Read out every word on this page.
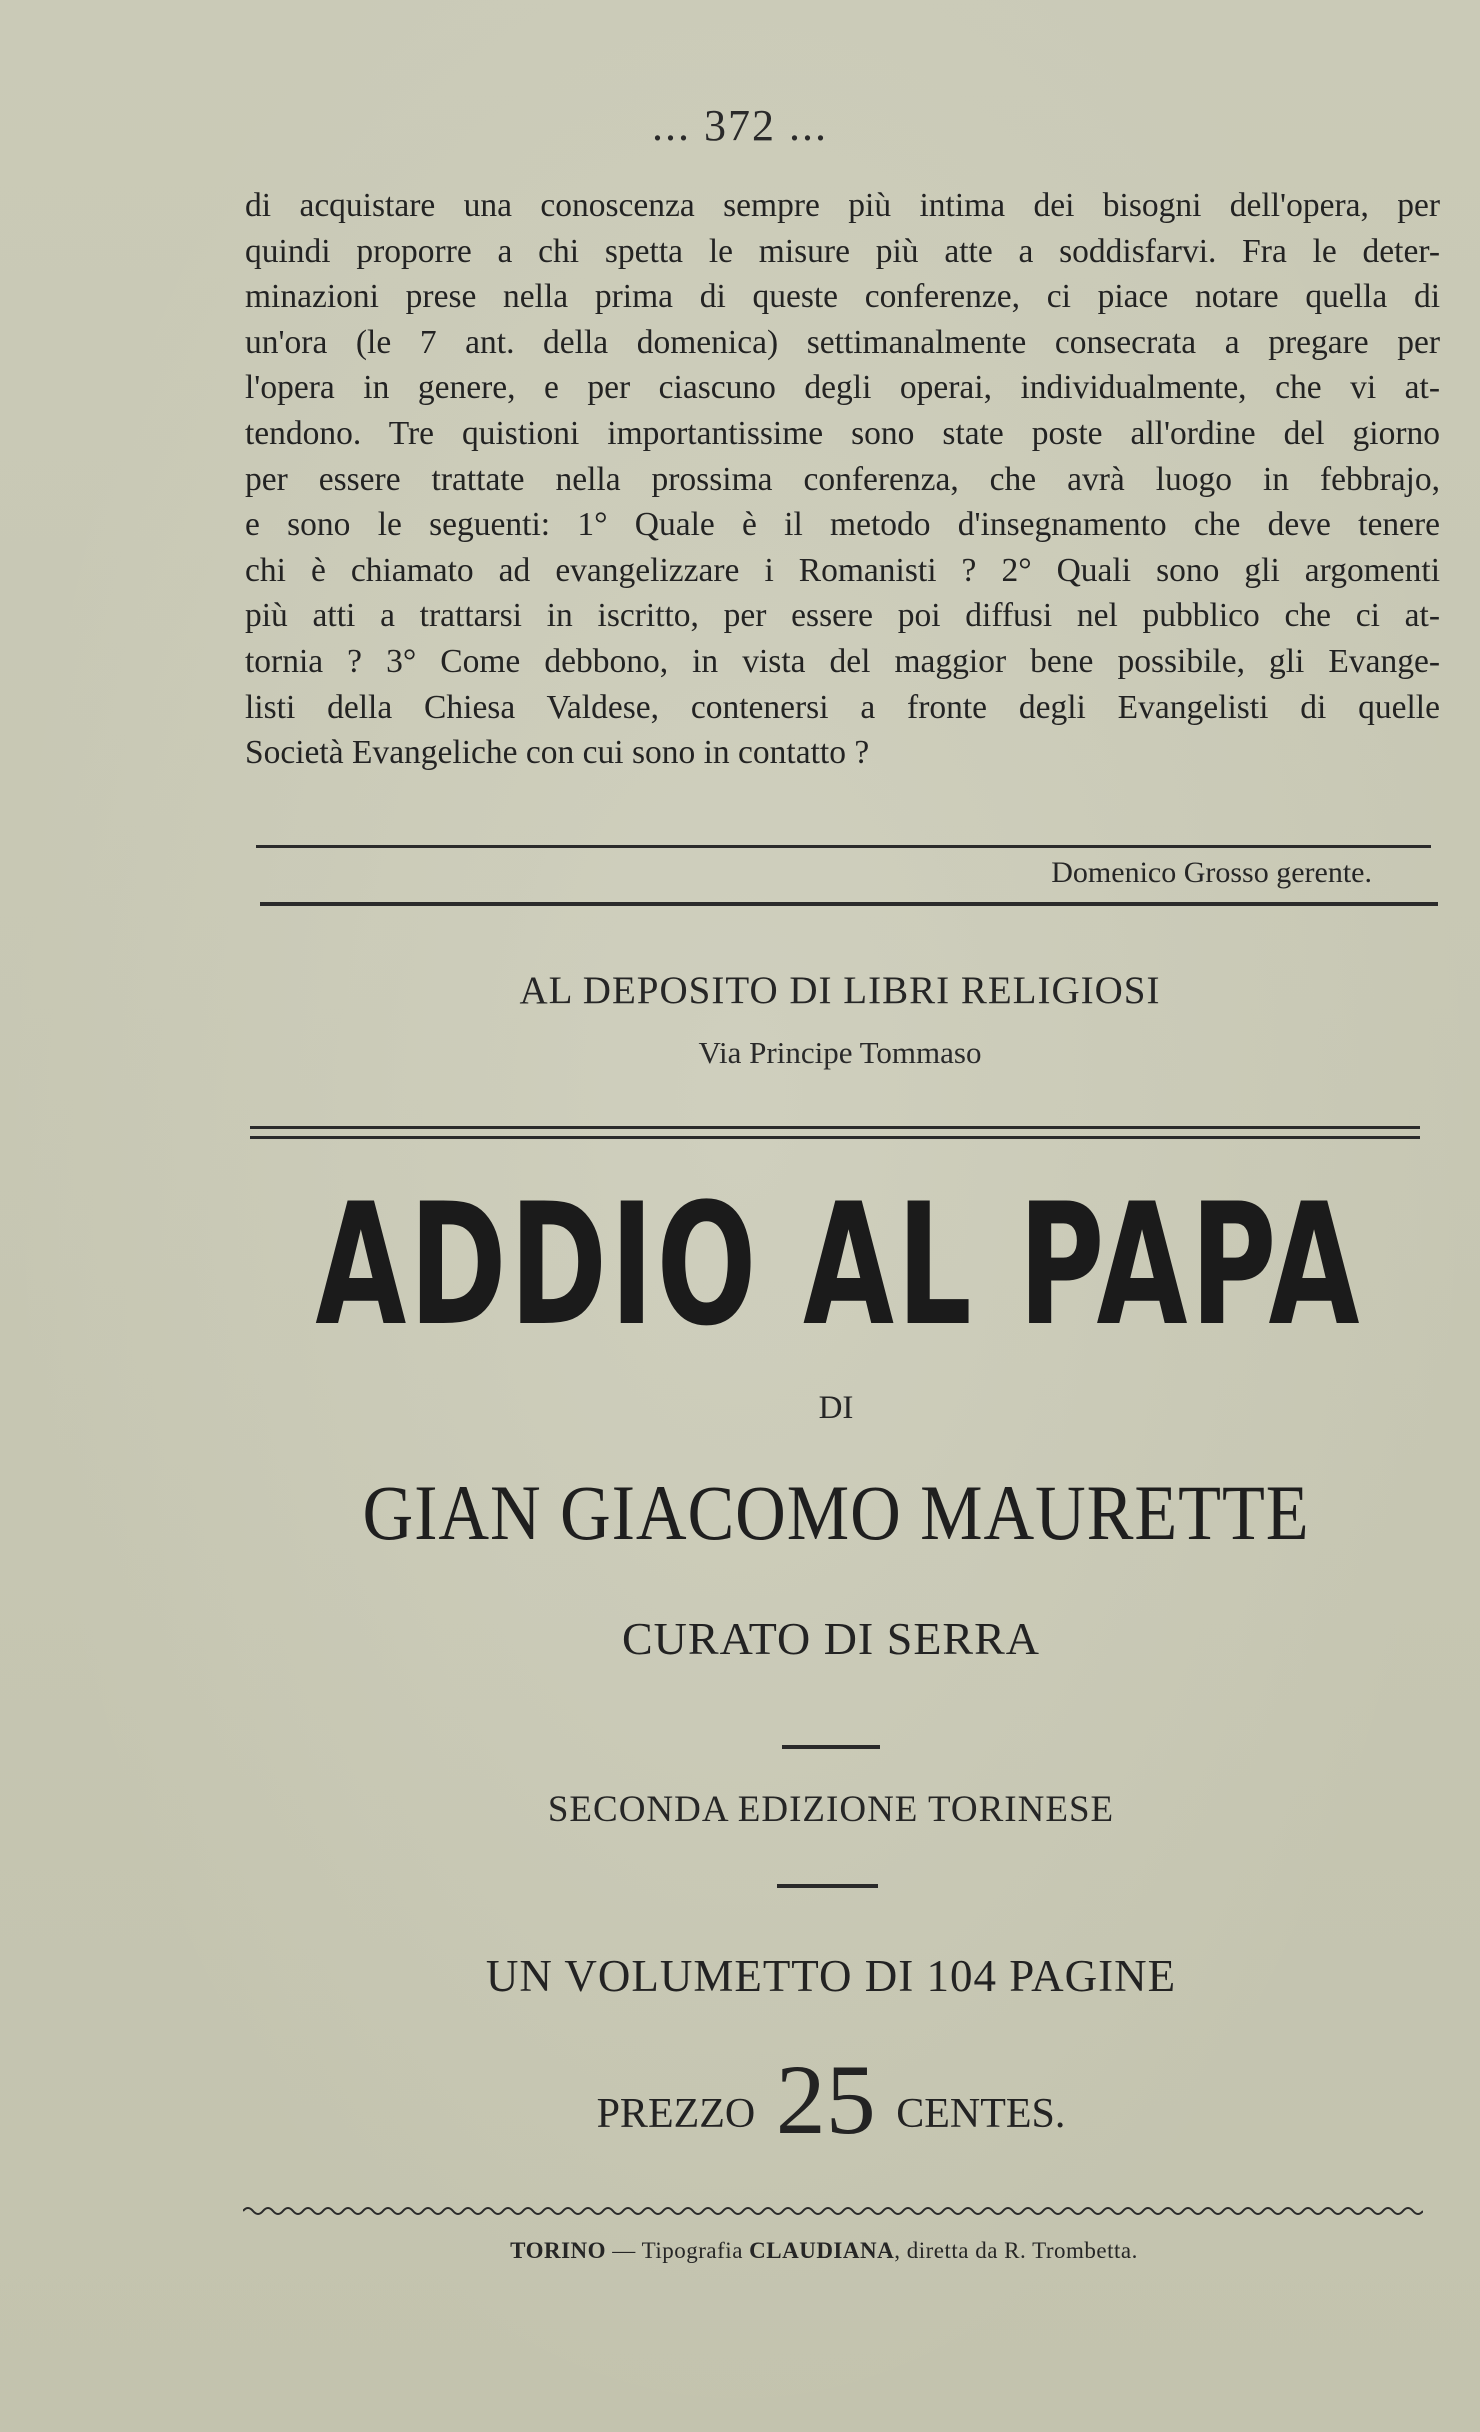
... 372 ...
di acquistare una conoscenza sempre più intima dei bisogni dell'opera, per
quindi proporre a chi spetta le misure più atte a soddisfarvi. Fra le deter-
minazioni prese nella prima di queste conferenze, ci piace notare quella di
un'ora (le 7 ant. della domenica) settimanalmente consecrata a pregare per
l'opera in genere, e per ciascuno degli operai, individualmente, che vi at-
tendono. Tre quistioni importantissime sono state poste all'ordine del giorno
per essere trattate nella prossima conferenza, che avrà luogo in febbrajo,
e sono le seguenti: 1° Quale è il metodo d'insegnamento che deve tenere
chi è chiamato ad evangelizzare i Romanisti ? 2° Quali sono gli argomenti
più atti a trattarsi in iscritto, per essere poi diffusi nel pubblico che ci at-
tornia ? 3° Come debbono, in vista del maggior bene possibile, gli Evange-
listi della Chiesa Valdese, contenersi a fronte degli Evangelisti di quelle
Società Evangeliche con cui sono in contatto ?
Domenico Grosso gerente.
AL DEPOSITO DI LIBRI RELIGIOSI
Via Principe Tommaso
ADDIO AL PAPA
DI
GIAN GIACOMO MAURETTE
CURATO DI SERRA
SECONDA EDIZIONE TORINESE
UN VOLUMETTO DI 104 PAGINE
PREZZO 25 CENTES.
TORINO — Tipografia CLAUDIANA, diretta da R. Trombetta.
